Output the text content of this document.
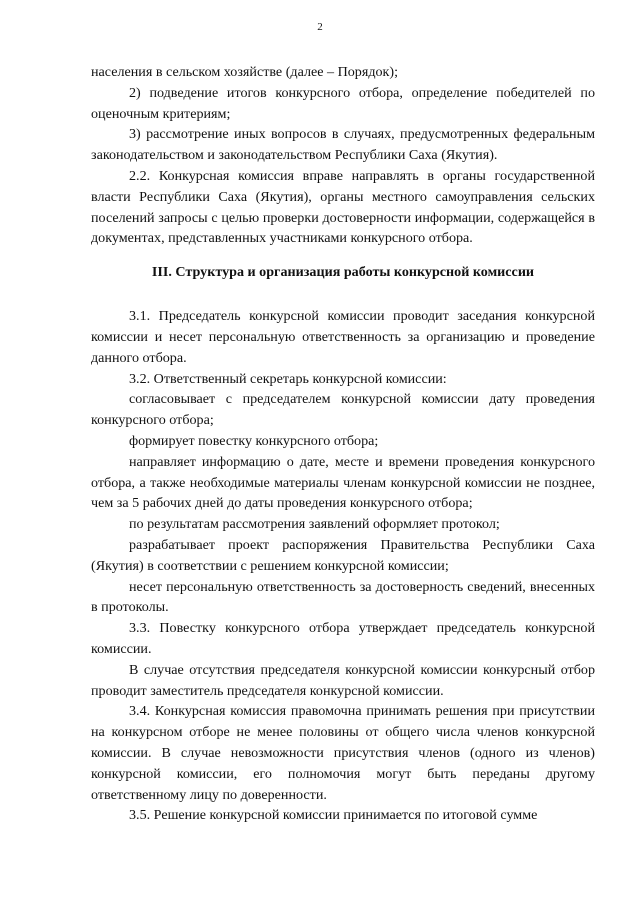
2

населения в сельском хозяйстве (далее – Порядок);

2) подведение итогов конкурсного отбора, определение победителей по оценочным критериям;

3) рассмотрение иных вопросов в случаях, предусмотренных федеральным законодательством и законодательством Республики Саха (Якутия).

2.2. Конкурсная комиссия вправе направлять в органы государственной власти Республики Саха (Якутия), органы местного самоуправления сельских поселений запросы с целью проверки достоверности информации, содержащейся в документах, представленных участниками конкурсного отбора.

III. Структура и организация работы конкурсной комиссии

3.1. Председатель конкурсной комиссии проводит заседания конкурсной комиссии и несет персональную ответственность за организацию и проведение данного отбора.

3.2. Ответственный секретарь конкурсной комиссии:

согласовывает с председателем конкурсной комиссии дату проведения конкурсного отбора;

формирует повестку конкурсного отбора;

направляет информацию о дате, месте и времени проведения конкурсного отбора, а также необходимые материалы членам конкурсной комиссии не позднее, чем за 5 рабочих дней до даты проведения конкурсного отбора;

по результатам рассмотрения заявлений оформляет протокол;

разрабатывает проект распоряжения Правительства Республики Саха (Якутия) в соответствии с решением конкурсной комиссии;

несет персональную ответственность за достоверность сведений, внесенных в протоколы.

3.3. Повестку конкурсного отбора утверждает председатель конкурсной комиссии.

В случае отсутствия председателя конкурсной комиссии конкурсный отбор проводит заместитель председателя конкурсной комиссии.

3.4. Конкурсная комиссия правомочна принимать решения при присутствии на конкурсном отборе не менее половины от общего числа членов конкурсной комиссии. В случае невозможности присутствия членов (одного из членов) конкурсной комиссии, его полномочия могут быть переданы другому ответственному лицу по доверенности.

3.5. Решение конкурсной комиссии принимается по итоговой сумме
